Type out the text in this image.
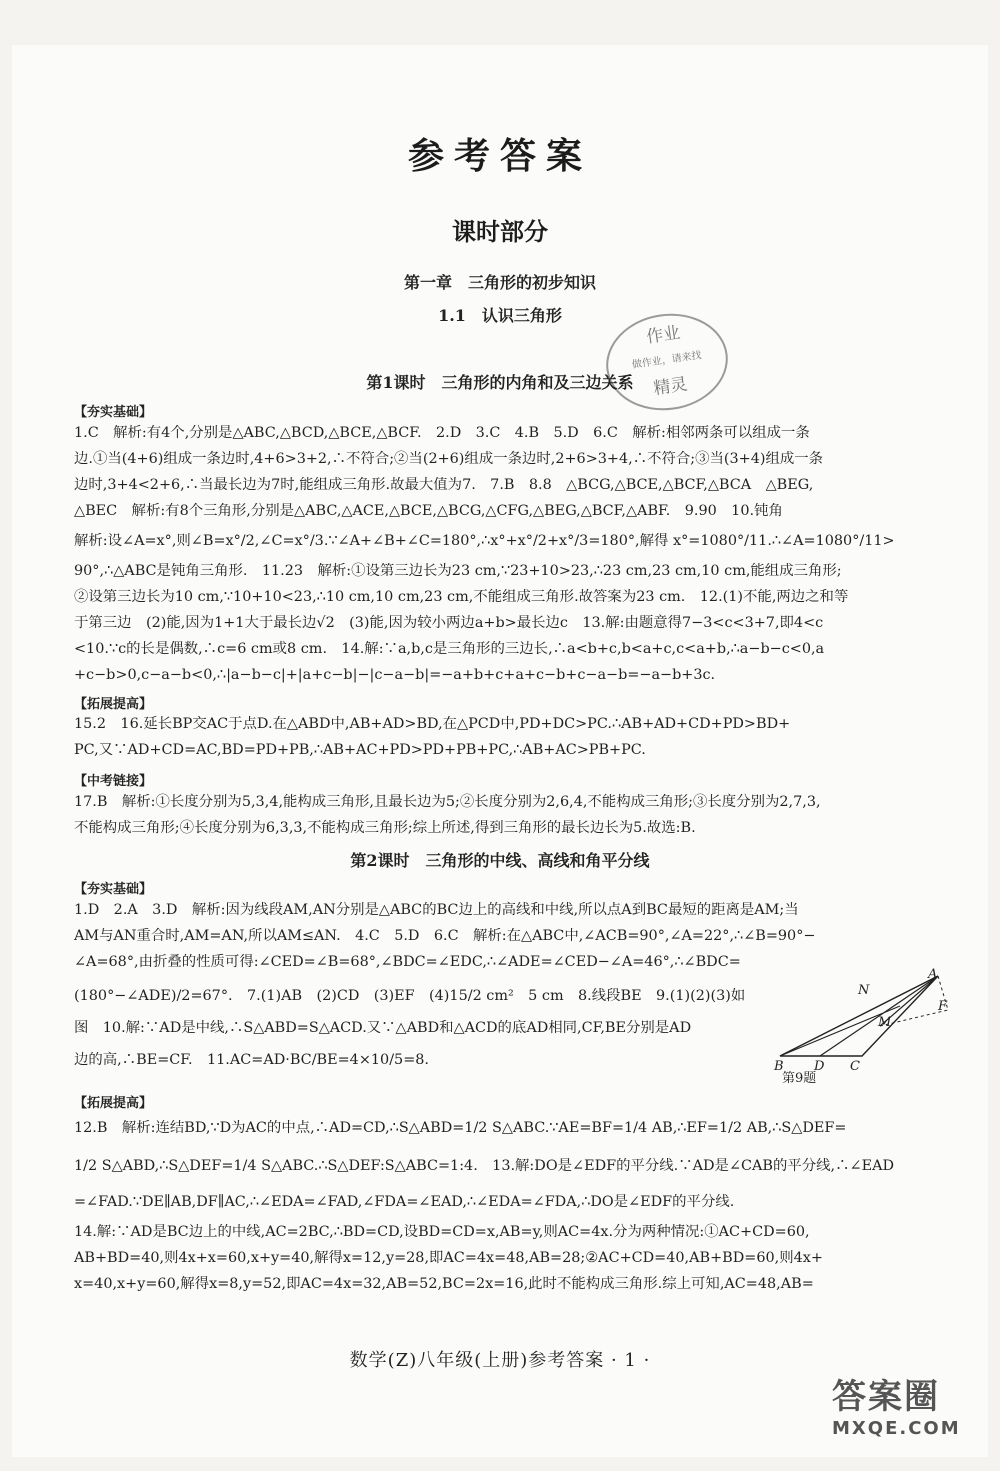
参考答案
课时部分
第一章　三角形的初步知识
1.1　认识三角形
作业
做作业，请来找
精灵
第1课时　三角形的内角和及三边关系
【夯实基础】
1.C　解析:有4个,分别是△ABC,△BCD,△BCE,△BCF.　2.D　3.C　4.B　5.D　6.C　解析:相邻两条可以组成一条
边.①当(4+6)组成一条边时,4+6>3+2,∴不符合;②当(2+6)组成一条边时,2+6>3+4,∴不符合;③当(3+4)组成一条
边时,3+4<2+6,∴当最长边为7时,能组成三角形.故最大值为7.　7.B　8.8　△BCG,△BCE,△BCF,△BCA　△BEG,
△BEC　解析:有8个三角形,分别是△ABC,△ACE,△BCE,△BCG,△CFG,△BEG,△BCF,△ABF.　9.90　10.钝角
解析:设∠A=x°,则∠B=x°/2,∠C=x°/3.∵∠A+∠B+∠C=180°,∴x°+x°/2+x°/3=180°,解得 x°=1080°/11.∴∠A=1080°/11>
90°,∴△ABC是钝角三角形.　11.23　解析:①设第三边长为23 cm,∵23+10>23,∴23 cm,23 cm,10 cm,能组成三角形;
②设第三边长为10 cm,∵10+10<23,∴10 cm,10 cm,23 cm,不能组成三角形.故答案为23 cm.　12.(1)不能,两边之和等
于第三边　(2)能,因为1+1大于最长边√2　(3)能,因为较小两边a+b>最长边c　13.解:由题意得7−3<c<3+7,即4<c
<10.∵c的长是偶数,∴c=6 cm或8 cm.　14.解:∵a,b,c是三角形的三边长,∴a<b+c,b<a+c,c<a+b,∴a−b−c<0,a
+c−b>0,c−a−b<0,∴|a−b−c|+|a+c−b|−|c−a−b|=−a+b+c+a+c−b+c−a−b=−a−b+3c.
【拓展提高】
15.2　16.延长BP交AC于点D.在△ABD中,AB+AD>BD,在△PCD中,PD+DC>PC.∴AB+AD+CD+PD>BD+
PC,又∵AD+CD=AC,BD=PD+PB,∴AB+AC+PD>PD+PB+PC,∴AB+AC>PB+PC.
【中考链接】
17.B　解析:①长度分别为5,3,4,能构成三角形,且最长边为5;②长度分别为2,6,4,不能构成三角形;③长度分别为2,7,3,
不能构成三角形;④长度分别为6,3,3,不能构成三角形;综上所述,得到三角形的最长边长为5.故选:B.
第2课时　三角形的中线、高线和角平分线
【夯实基础】
1.D　2.A　3.D　解析:因为线段AM,AN分别是△ABC的BC边上的高线和中线,所以点A到BC最短的距离是AM;当
AM与AN重合时,AM=AN,所以AM≤AN.　4.C　5.D　6.C　解析:在△ABC中,∠ACB=90°,∠A=22°,∴∠B=90°−
∠A=68°,由折叠的性质可得:∠CED=∠B=68°,∠BDC=∠EDC,∴∠ADE=∠CED−∠A=46°,∴∠BDC=
(180°−∠ADE)/2=67°.　7.(1)AB　(2)CD　(3)EF　(4)15/2 cm²　5 cm　8.线段BE　9.(1)(2)(3)如
图　10.解:∵AD是中线,∴S△ABD=S△ACD.又∵△ABD和△ACD的底AD相同,CF,BE分别是AD
边的高,∴BE=CF.　11.AC=AD·BC/BE=4×10/5=8.
A
N
F
M
B D C
第9题
【拓展提高】
12.B　解析:连结BD,∵D为AC的中点,∴AD=CD,∴S△ABD=1/2 S△ABC.∵AE=BF=1/4 AB,∴EF=1/2 AB,∴S△DEF=
1/2 S△ABD,∴S△DEF=1/4 S△ABC.∴S△DEF:S△ABC=1:4.　13.解:DO是∠EDF的平分线.∵AD是∠CAB的平分线,∴∠EAD
=∠FAD.∵DE∥AB,DF∥AC,∴∠EDA=∠FAD,∠FDA=∠EAD,∴∠EDA=∠FDA,∴DO是∠EDF的平分线.
14.解:∵AD是BC边上的中线,AC=2BC,∴BD=CD,设BD=CD=x,AB=y,则AC=4x.分为两种情况:①AC+CD=60,
AB+BD=40,则4x+x=60,x+y=40,解得x=12,y=28,即AC=4x=48,AB=28;②AC+CD=40,AB+BD=60,则4x+
x=40,x+y=60,解得x=8,y=52,即AC=4x=32,AB=52,BC=2x=16,此时不能构成三角形.综上可知,AC=48,AB=
数学(Z)八年级(上册)参考答案 · 1 ·
答案圈
MXQE.COM
